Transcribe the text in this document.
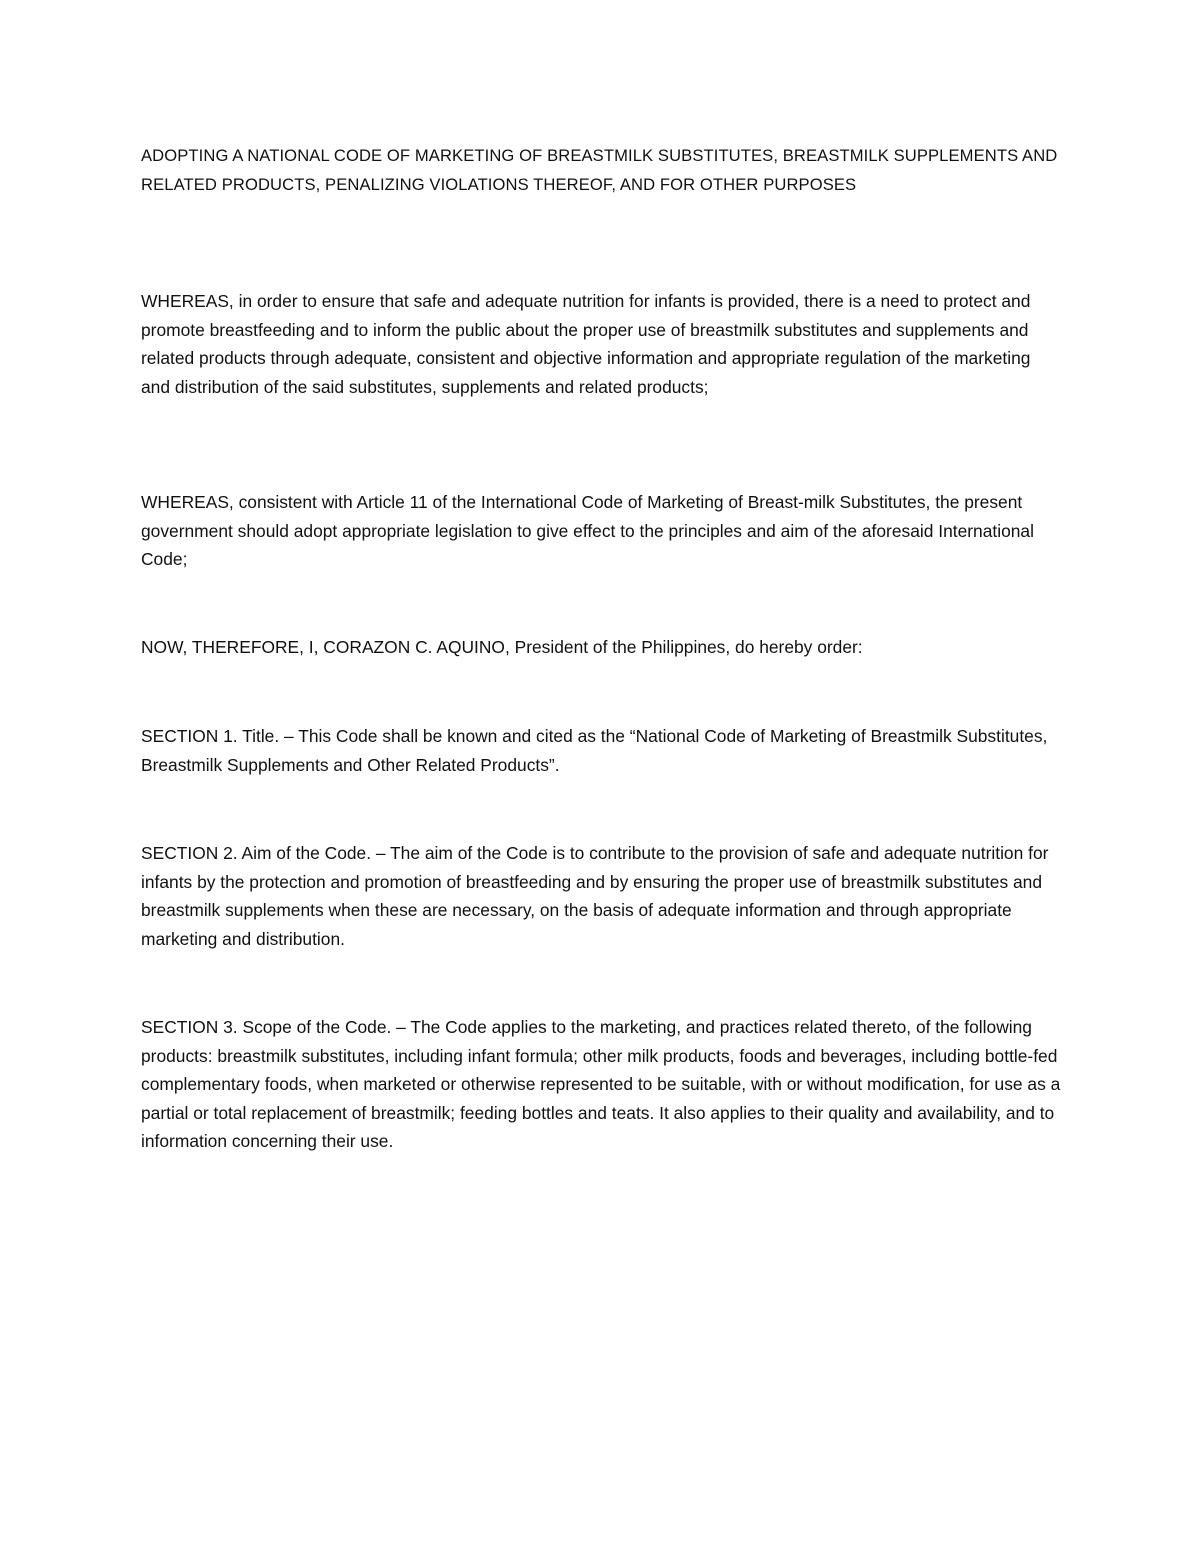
ADOPTING A NATIONAL CODE OF MARKETING OF BREASTMILK SUBSTITUTES, BREASTMILK SUPPLEMENTS AND RELATED PRODUCTS, PENALIZING VIOLATIONS THEREOF, AND FOR OTHER PURPOSES

WHEREAS, in order to ensure that safe and adequate nutrition for infants is provided, there is a need to protect and promote breastfeeding and to inform the public about the proper use of breastmilk substitutes and supplements and related products through adequate, consistent and objective information and appropriate regulation of the marketing and distribution of the said substitutes, supplements and related products;

WHEREAS, consistent with Article 11 of the International Code of Marketing of Breast-milk Substitutes, the present government should adopt appropriate legislation to give effect to the principles and aim of the aforesaid International Code;

NOW, THEREFORE, I, CORAZON C. AQUINO, President of the Philippines, do hereby order:

SECTION 1. Title. – This Code shall be known and cited as the “National Code of Marketing of Breastmilk Substitutes, Breastmilk Supplements and Other Related Products”.

SECTION 2. Aim of the Code. – The aim of the Code is to contribute to the provision of safe and adequate nutrition for infants by the protection and promotion of breastfeeding and by ensuring the proper use of breastmilk substitutes and breastmilk supplements when these are necessary, on the basis of adequate information and through appropriate marketing and distribution.

SECTION 3. Scope of the Code. – The Code applies to the marketing, and practices related thereto, of the following products: breastmilk substitutes, including infant formula; other milk products, foods and beverages, including bottle-fed complementary foods, when marketed or otherwise represented to be suitable, with or without modification, for use as a partial or total replacement of breastmilk; feeding bottles and teats. It also applies to their quality and availability, and to information concerning their use.
